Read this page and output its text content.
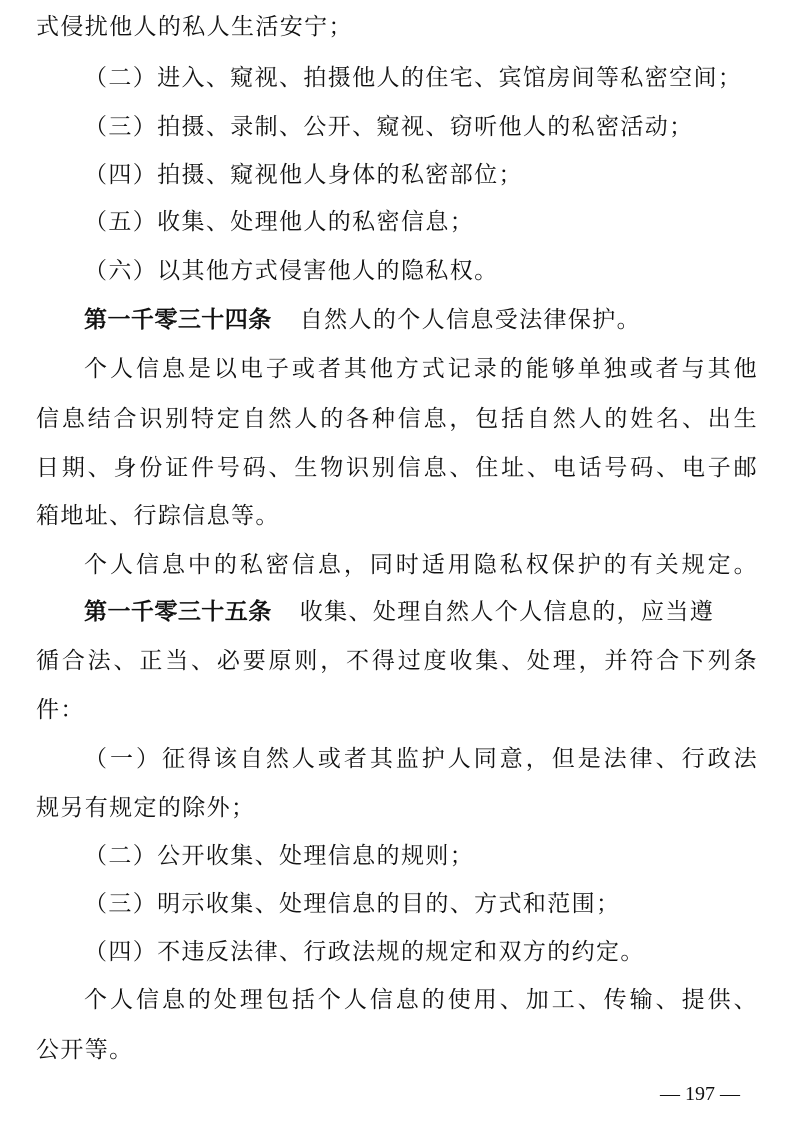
式侵扰他人的私人生活安宁；
（二）进入、窥视、拍摄他人的住宅、宾馆房间等私密空间；
（三）拍摄、录制、公开、窥视、窃听他人的私密活动；
（四）拍摄、窥视他人身体的私密部位；
（五）收集、处理他人的私密信息；
（六）以其他方式侵害他人的隐私权。
第一千零三十四条 自然人的个人信息受法律保护。
个人信息是以电子或者其他方式记录的能够单独或者与其他
信息结合识别特定自然人的各种信息，包括自然人的姓名、出生
日期、身份证件号码、生物识别信息、住址、电话号码、电子邮
箱地址、行踪信息等。
个人信息中的私密信息，同时适用隐私权保护的有关规定。
第一千零三十五条 收集、处理自然人个人信息的，应当遵
循合法、正当、必要原则，不得过度收集、处理，并符合下列条
件：
（一）征得该自然人或者其监护人同意，但是法律、行政法
规另有规定的除外；
（二）公开收集、处理信息的规则；
（三）明示收集、处理信息的目的、方式和范围；
（四）不违反法律、行政法规的规定和双方的约定。
个人信息的处理包括个人信息的使用、加工、传输、提供、
公开等。
— 197 —
